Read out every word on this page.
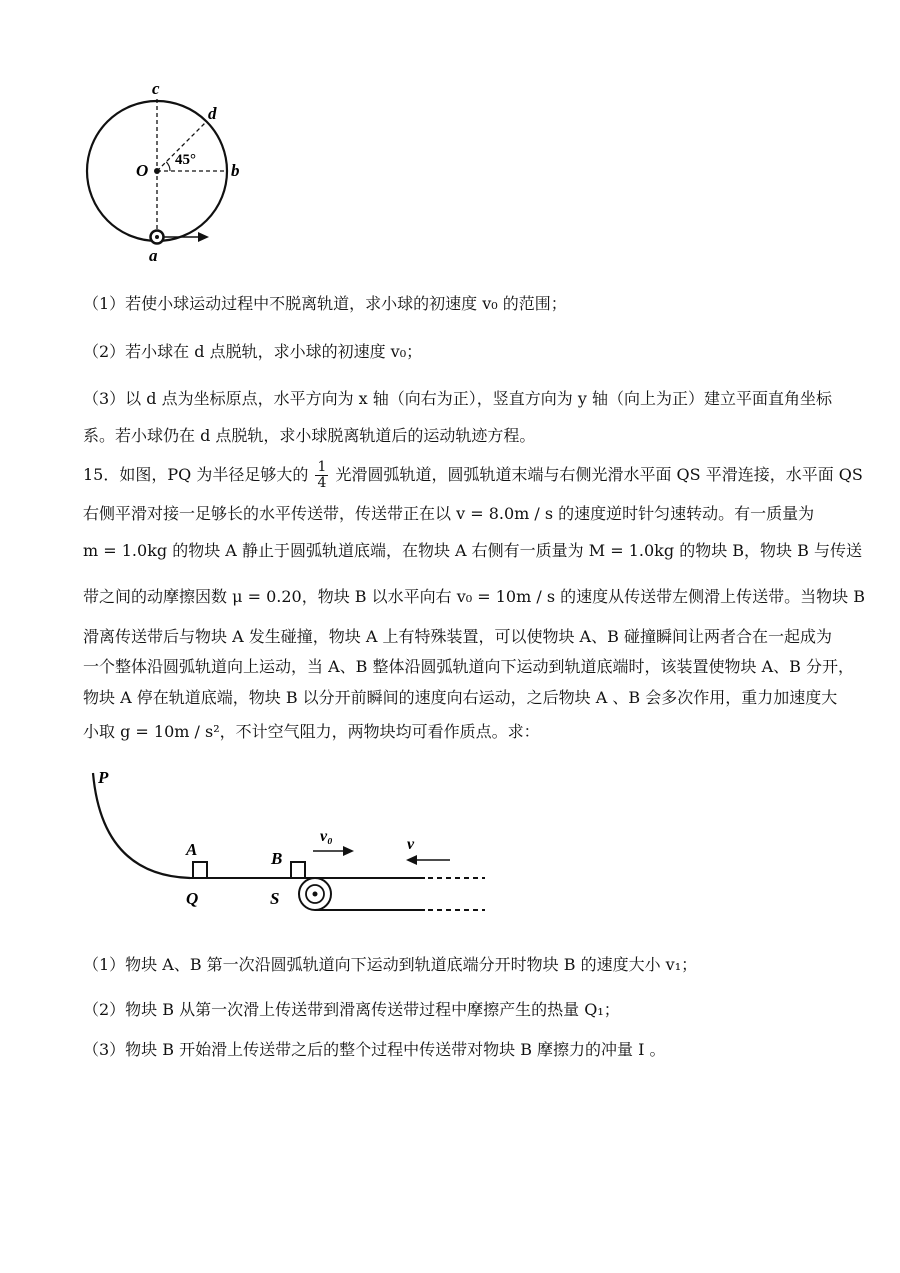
c
d
O	b
a
45°
（1）若使小球运动过程中不脱离轨道，求小球的初速度 v₀ 的范围；
（2）若小球在 d 点脱轨，求小球的初速度 v₀；
（3）以 d 点为坐标原点，水平方向为 x 轴（向右为正），竖直方向为 y 轴（向上为正）建立平面直角坐标
系。若小球仍在 d 点脱轨，求小球脱离轨道后的运动轨迹方程。
15．如图，PQ 为半径足够大的 $\frac{1}{4}$ 光滑圆弧轨道，圆弧轨道末端与右侧光滑水平面 QS 平滑连接，水平面 QS
右侧平滑对接一足够长的水平传送带，传送带正在以 v = 8.0m / s 的速度逆时针匀速转动。有一质量为
m = 1.0kg 的物块 A 静止于圆弧轨道底端，在物块 A 右侧有一质量为 M = 1.0kg 的物块 B，物块 B 与传送
带之间的动摩擦因数 μ = 0.20，物块 B 以水平向右 v₀ = 10m / s 的速度从传送带左侧滑上传送带。当物块 B
滑离传送带后与物块 A 发生碰撞，物块 A 上有特殊装置，可以使物块 A、B 碰撞瞬间让两者合在一起成为
一个整体沿圆弧轨道向上运动，当 A、B 整体沿圆弧轨道向下运动到轨道底端时，该装置使物块 A、B 分开，
物块 A 停在轨道底端，物块 B 以分开前瞬间的速度向右运动，之后物块 A 、B 会多次作用，重力加速度大
小取 g = 10m / s²，不计空气阻力，两物块均可看作质点。求：
P
A
Q
B
S
v₀	v
（1）物块 A、B 第一次沿圆弧轨道向下运动到轨道底端分开时物块 B 的速度大小 v₁；
（2）物块 B 从第一次滑上传送带到滑离传送带过程中摩擦产生的热量 Q₁；
（3）物块 B 开始滑上传送带之后的整个过程中传送带对物块 B 摩擦力的冲量 I 。
